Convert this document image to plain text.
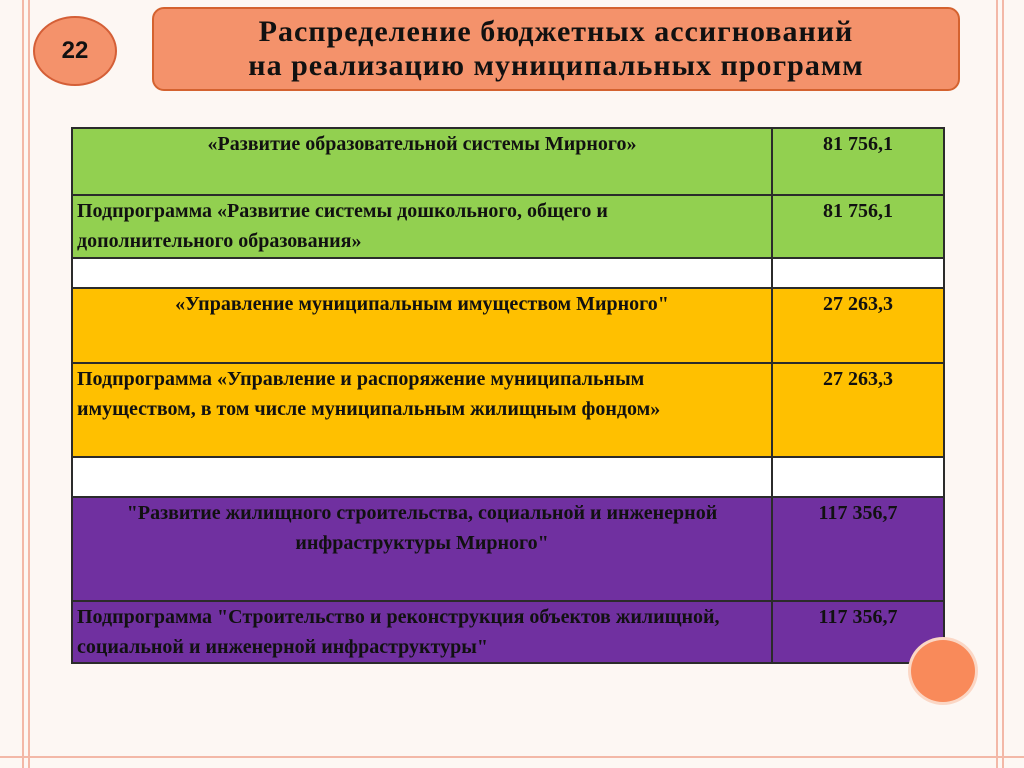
22
Распределение бюджетных ассигнований
на реализацию муниципальных программ
«Развитие образовательной системы Мирного»	81 756,1
Подпрограмма «Развитие системы дошкольного, общего и дополнительного образования»	81 756,1

«Управление муниципальным имуществом Мирного"	27 263,3
Подпрограмма «Управление и распоряжение муниципальным имуществом, в том числе муниципальным жилищным фондом»	27 263,3

"Развитие жилищного строительства, социальной и инженерной инфраструктуры Мирного"	117 356,7
Подпрограмма "Строительство и реконструкция объектов жилищной, социальной и инженерной инфраструктуры"	117 356,7
